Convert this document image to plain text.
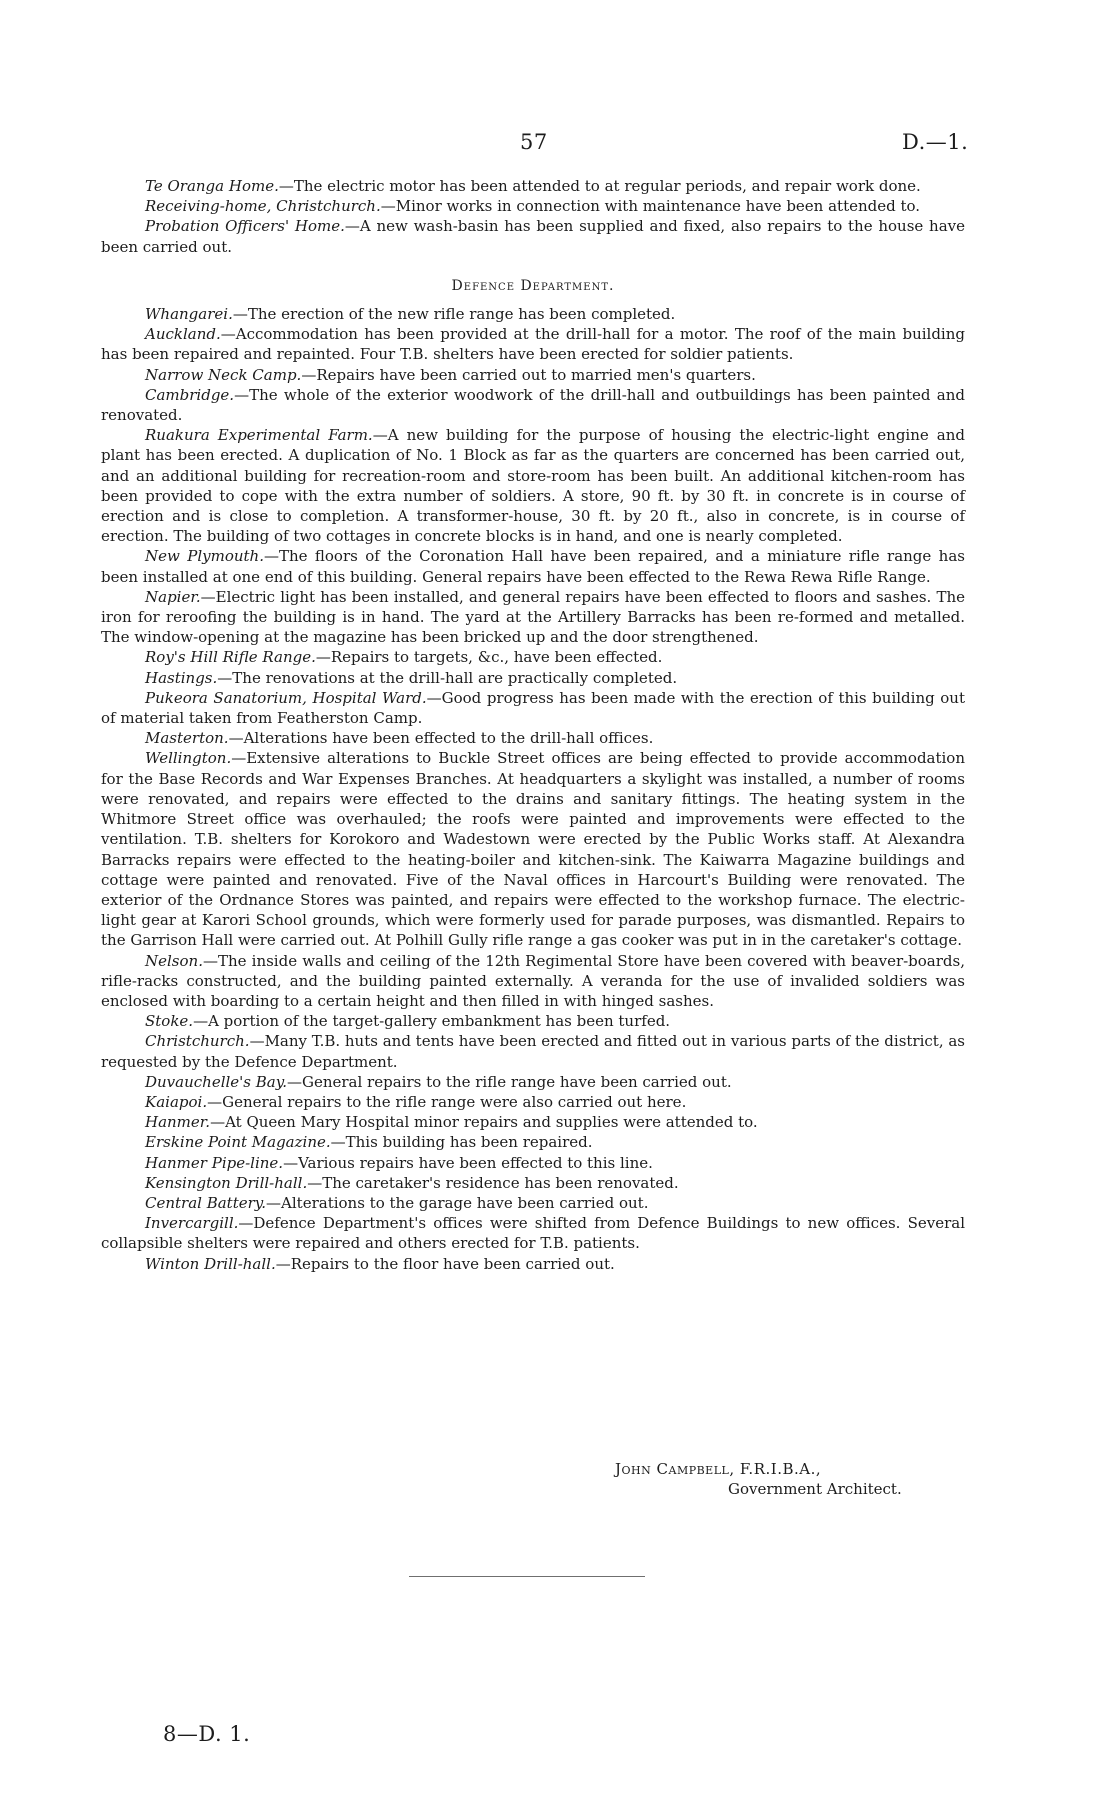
57	D.—1.

Te Oranga Home.—The electric motor has been attended to at regular periods, and repair work done.

Receiving-home, Christchurch.—Minor works in connection with maintenance have been attended to.

Probation Officers' Home.—A new wash-basin has been supplied and fixed, also repairs to the house have been carried out.

Defence Department.

Whangarei.—The erection of the new rifle range has been completed.

Auckland.—Accommodation has been provided at the drill-hall for a motor. The roof of the main building has been repaired and repainted. Four T.B. shelters have been erected for soldier patients.

Narrow Neck Camp.—Repairs have been carried out to married men's quarters.

Cambridge.—The whole of the exterior woodwork of the drill-hall and outbuildings has been painted and renovated.

Ruakura Experimental Farm.—A new building for the purpose of housing the electric-light engine and plant has been erected. A duplication of No. 1 Block as far as the quarters are concerned has been carried out, and an additional building for recreation-room and store-room has been built. An additional kitchen-room has been provided to cope with the extra number of soldiers. A store, 90 ft. by 30 ft. in concrete is in course of erection and is close to completion. A transformer-house, 30 ft. by 20 ft., also in concrete, is in course of erection. The building of two cottages in concrete blocks is in hand, and one is nearly completed.

New Plymouth.—The floors of the Coronation Hall have been repaired, and a miniature rifle range has been installed at one end of this building. General repairs have been effected to the Rewa Rewa Rifle Range.

Napier.—Electric light has been installed, and general repairs have been effected to floors and sashes. The iron for reroofing the building is in hand. The yard at the Artillery Barracks has been re-formed and metalled. The window-opening at the magazine has been bricked up and the door strengthened.

Roy's Hill Rifle Range.—Repairs to targets, &c., have been effected.

Hastings.—The renovations at the drill-hall are practically completed.

Pukeora Sanatorium, Hospital Ward.—Good progress has been made with the erection of this building out of material taken from Featherston Camp.

Masterton.—Alterations have been effected to the drill-hall offices.

Wellington.—Extensive alterations to Buckle Street offices are being effected to provide accommodation for the Base Records and War Expenses Branches. At headquarters a skylight was installed, a number of rooms were renovated, and repairs were effected to the drains and sanitary fittings. The heating system in the Whitmore Street office was overhauled; the roofs were painted and improvements were effected to the ventilation. T.B. shelters for Korokoro and Wadestown were erected by the Public Works staff. At Alexandra Barracks repairs were effected to the heating-boiler and kitchen-sink. The Kaiwarra Magazine buildings and cottage were painted and renovated. Five of the Naval offices in Harcourt's Building were renovated. The exterior of the Ordnance Stores was painted, and repairs were effected to the workshop furnace. The electric-light gear at Karori School grounds, which were formerly used for parade purposes, was dismantled. Repairs to the Garrison Hall were carried out. At Polhill Gully rifle range a gas cooker was put in in the caretaker's cottage.

Nelson.—The inside walls and ceiling of the 12th Regimental Store have been covered with beaver-boards, rifle-racks constructed, and the building painted externally. A veranda for the use of invalided soldiers was enclosed with boarding to a certain height and then filled in with hinged sashes.

Stoke.—A portion of the target-gallery embankment has been turfed.

Christchurch.—Many T.B. huts and tents have been erected and fitted out in various parts of the district, as requested by the Defence Department.

Duvauchelle's Bay.—General repairs to the rifle range have been carried out.

Kaiapoi.—General repairs to the rifle range were also carried out here.

Hanmer.—At Queen Mary Hospital minor repairs and supplies were attended to.

Erskine Point Magazine.—This building has been repaired.

Hanmer Pipe-line.—Various repairs have been effected to this line.

Kensington Drill-hall.—The caretaker's residence has been renovated.

Central Battery.—Alterations to the garage have been carried out.

Invercargill.—Defence Department's offices were shifted from Defence Buildings to new offices. Several collapsible shelters were repaired and others erected for T.B. patients.

Winton Drill-hall.—Repairs to the floor have been carried out.

John Campbell, F.R.I.B.A.,
Government Architect.
8—D. 1.
